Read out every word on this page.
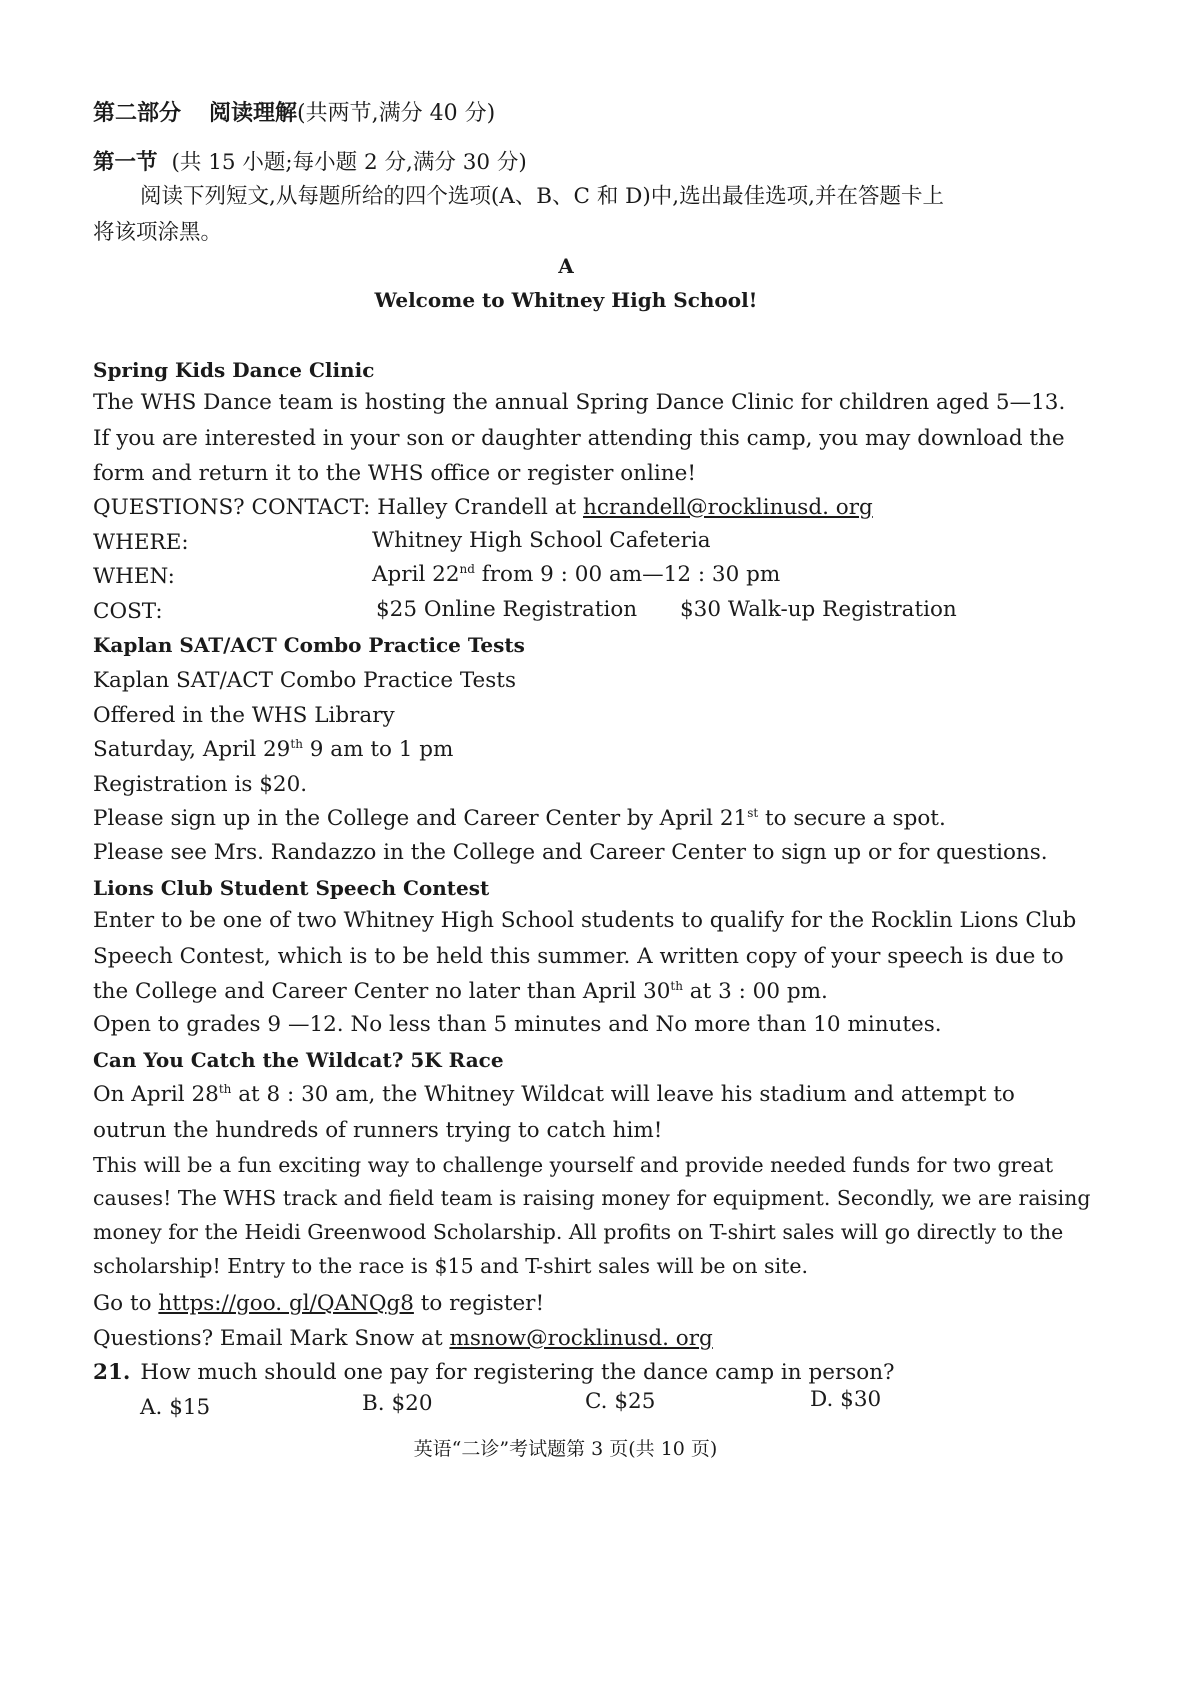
第二部分 阅读理解(共两节,满分 40 分)
第一节 (共 15 小题;每小题 2 分,满分 30 分)
阅读下列短文,从每题所给的四个选项(A、B、C 和 D)中,选出最佳选项,并在答题卡上
将该项涂黑。
A
Welcome to Whitney High School!
Spring Kids Dance Clinic
The WHS Dance team is hosting the annual Spring Dance Clinic for children aged 5—13.
If you are interested in your son or daughter attending this camp, you may download the
form and return it to the WHS office or register online!
QUESTIONS? CONTACT: Halley Crandell at hcrandell@rocklinusd. org
WHERE:	Whitney High School Cafeteria
WHEN:	April 22nd from 9 : 00 am—12 : 30 pm
COST:	$25 Online Registration $30 Walk-up Registration
Kaplan SAT/ACT Combo Practice Tests
Kaplan SAT/ACT Combo Practice Tests
Offered in the WHS Library
Saturday, April 29th 9 am to 1 pm
Registration is $20.
Please sign up in the College and Career Center by April 21st to secure a spot.
Please see Mrs. Randazzo in the College and Career Center to sign up or for questions.
Lions Club Student Speech Contest
Enter to be one of two Whitney High School students to qualify for the Rocklin Lions Club
Speech Contest, which is to be held this summer. A written copy of your speech is due to
the College and Career Center no later than April 30th at 3 : 00 pm.
Open to grades 9 —12. No less than 5 minutes and No more than 10 minutes.
Can You Catch the Wildcat? 5K Race
On April 28th at 8 : 30 am, the Whitney Wildcat will leave his stadium and attempt to
outrun the hundreds of runners trying to catch him!
This will be a fun exciting way to challenge yourself and provide needed funds for two great
causes! The WHS track and field team is raising money for equipment. Secondly, we are raising
money for the Heidi Greenwood Scholarship. All profits on T-shirt sales will go directly to the
scholarship! Entry to the race is $15 and T-shirt sales will be on site.
Go to https://goo. gl/QANQg8 to register!
Questions? Email Mark Snow at msnow@rocklinusd. org
21. How much should one pay for registering the dance camp in person?
A. $15	B. $20	C. $25	D. $30
英语“二诊”考试题第 3 页(共 10 页)
